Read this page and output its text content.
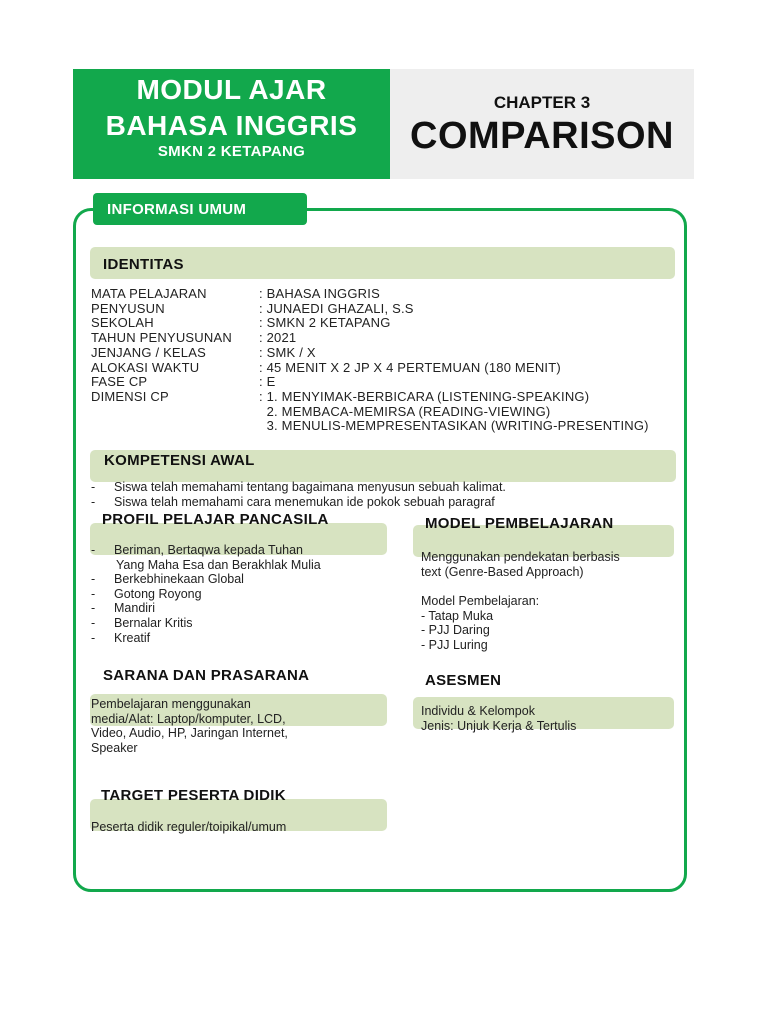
MODUL AJAR
BAHASA INGGRIS
SMKN 2 KETAPANG
CHAPTER 3
COMPARISON
INFORMASI UMUM
IDENTITAS
MATA PELAJARAN	: BAHASA INGGRIS
PENYUSUN	: JUNAEDI GHAZALI, S.S
SEKOLAH	: SMKN 2 KETAPANG
TAHUN PENYUSUNAN	: 2021
JENJANG / KELAS	: SMK / X
ALOKASI WAKTU	: 45 MENIT X 2 JP X 4 PERTEMUAN (180 MENIT)
FASE CP	: E
DIMENSI CP	: 1. MENYIMAK-BERBICARA (LISTENING-SPEAKING)
2. MEMBACA-MEMIRSA (READING-VIEWING)
3. MENULIS-MEMPRESENTASIKAN (WRITING-PRESENTING)
KOMPETENSI AWAL
-	Siswa telah memahami tentang bagaimana menyusun sebuah kalimat.
-	Siswa telah memahami cara menemukan ide pokok sebuah paragraf
PROFIL PELAJAR PANCASILA
-	Beriman, Bertaqwa kepada Tuhan
Yang Maha Esa dan Berakhlak Mulia
-	Berkebhinekaan Global
-	Gotong Royong
-	Mandiri
-	Bernalar Kritis
-	Kreatif
MODEL PEMBELAJARAN
Menggunakan pendekatan berbasis
text (Genre-Based Approach)
Model Pembelajaran:
- Tatap Muka
- PJJ Daring
- PJJ Luring
SARANA DAN PRASARANA
Pembelajaran menggunakan
media/Alat: Laptop/komputer, LCD,
Video, Audio, HP, Jaringan Internet,
Speaker
ASESMEN
Individu & Kelompok
Jenis: Unjuk Kerja & Tertulis
TARGET PESERTA DIDIK
Peserta didik reguler/toipikal/umum
